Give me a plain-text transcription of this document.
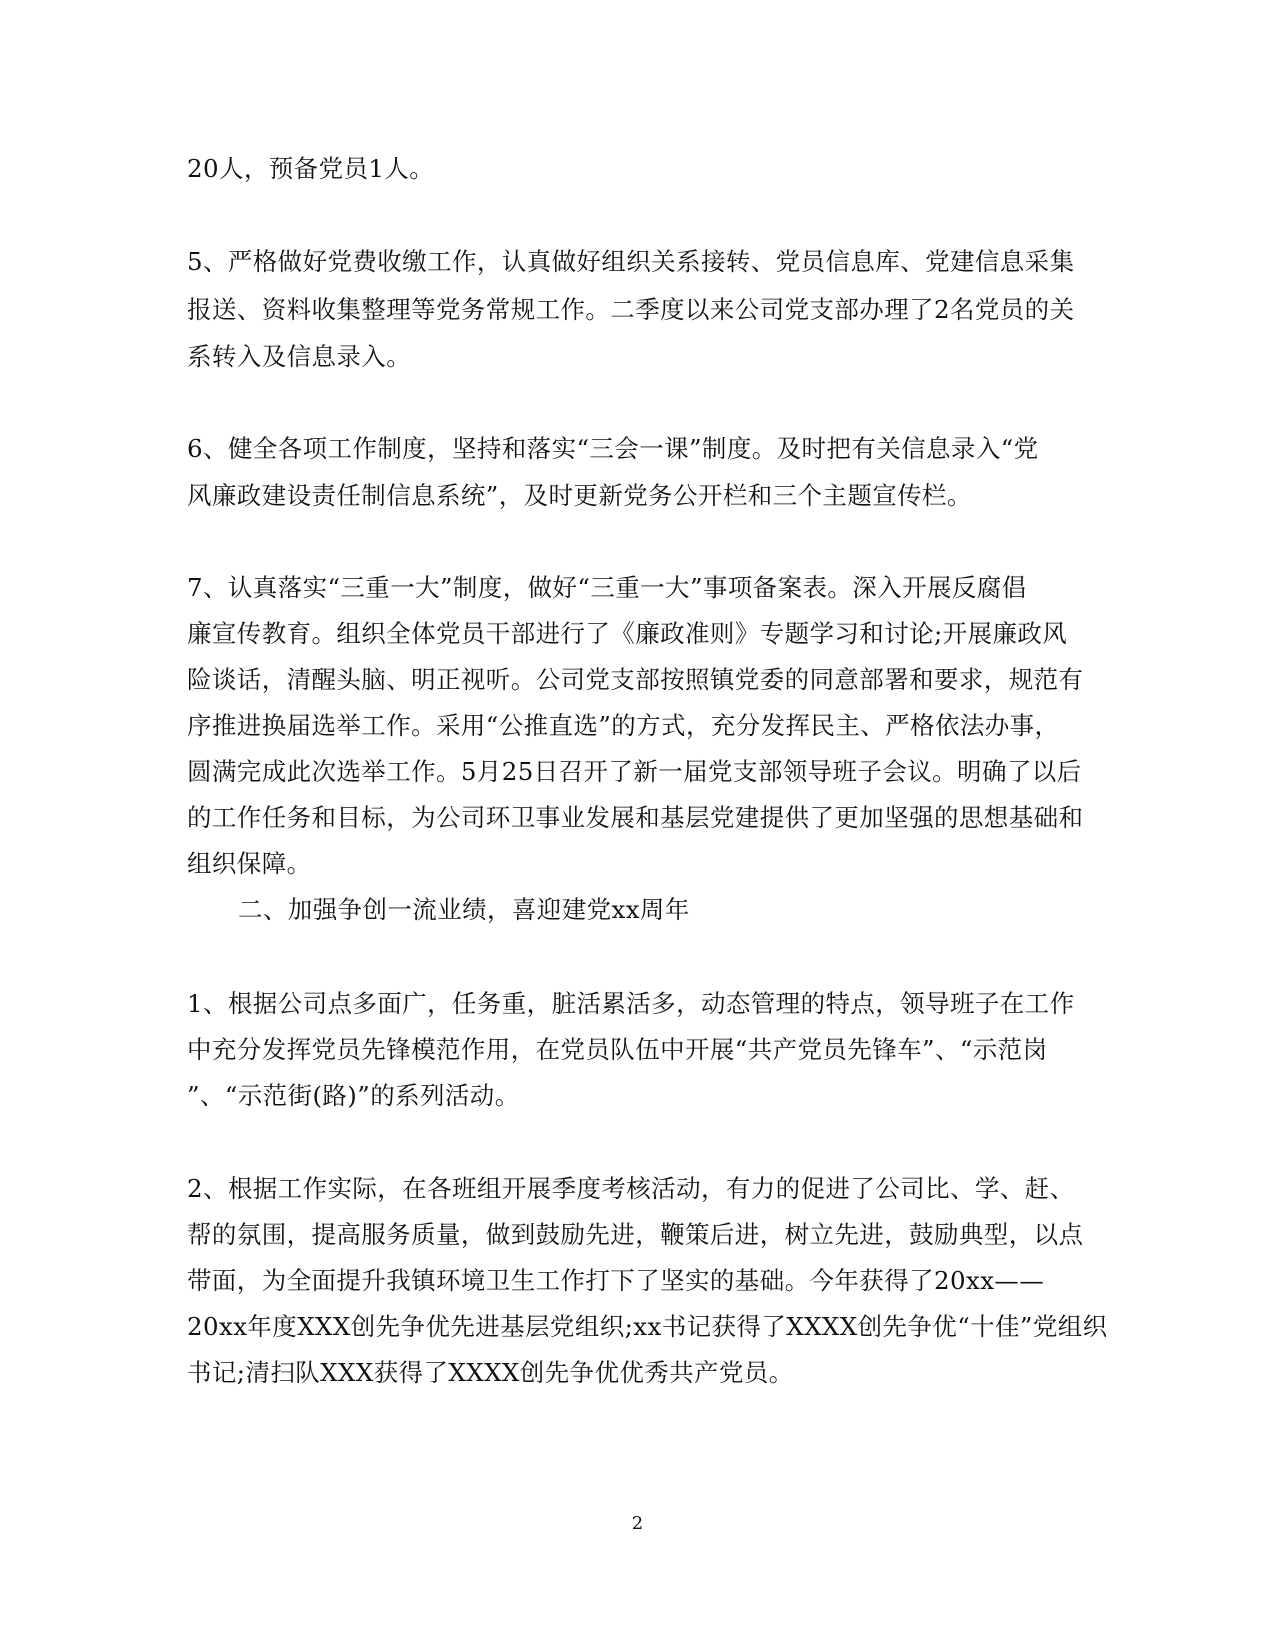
20人，预备党员1人。
5、严格做好党费收缴工作，认真做好组织关系接转、党员信息库、党建信息采集
报送、资料收集整理等党务常规工作。二季度以来公司党支部办理了2名党员的关
系转入及信息录入。
6、健全各项工作制度，坚持和落实“三会一课”制度。及时把有关信息录入“党
风廉政建设责任制信息系统”，及时更新党务公开栏和三个主题宣传栏。
7、认真落实“三重一大”制度，做好“三重一大”事项备案表。深入开展反腐倡
廉宣传教育。组织全体党员干部进行了《廉政准则》专题学习和讨论;开展廉政风
险谈话，清醒头脑、明正视听。公司党支部按照镇党委的同意部署和要求，规范有
序推进换届选举工作。采用“公推直选”的方式，充分发挥民主、严格依法办事，
圆满完成此次选举工作。5月25日召开了新一届党支部领导班子会议。明确了以后
的工作任务和目标，为公司环卫事业发展和基层党建提供了更加坚强的思想基础和
组织保障。
二、加强争创一流业绩，喜迎建党xx周年
1、根据公司点多面广，任务重，脏活累活多，动态管理的特点，领导班子在工作
中充分发挥党员先锋模范作用，在党员队伍中开展“共产党员先锋车”、“示范岗
”、“示范街(路)”的系列活动。
2、根据工作实际，在各班组开展季度考核活动，有力的促进了公司比、学、赶、
帮的氛围，提高服务质量，做到鼓励先进，鞭策后进，树立先进，鼓励典型，以点
带面，为全面提升我镇环境卫生工作打下了坚实的基础。今年获得了20xx——
20xx年度XXX创先争优先进基层党组织;xx书记获得了XXXX创先争优“十佳”党组织
书记;清扫队XXX获得了XXXX创先争优优秀共产党员。
2
